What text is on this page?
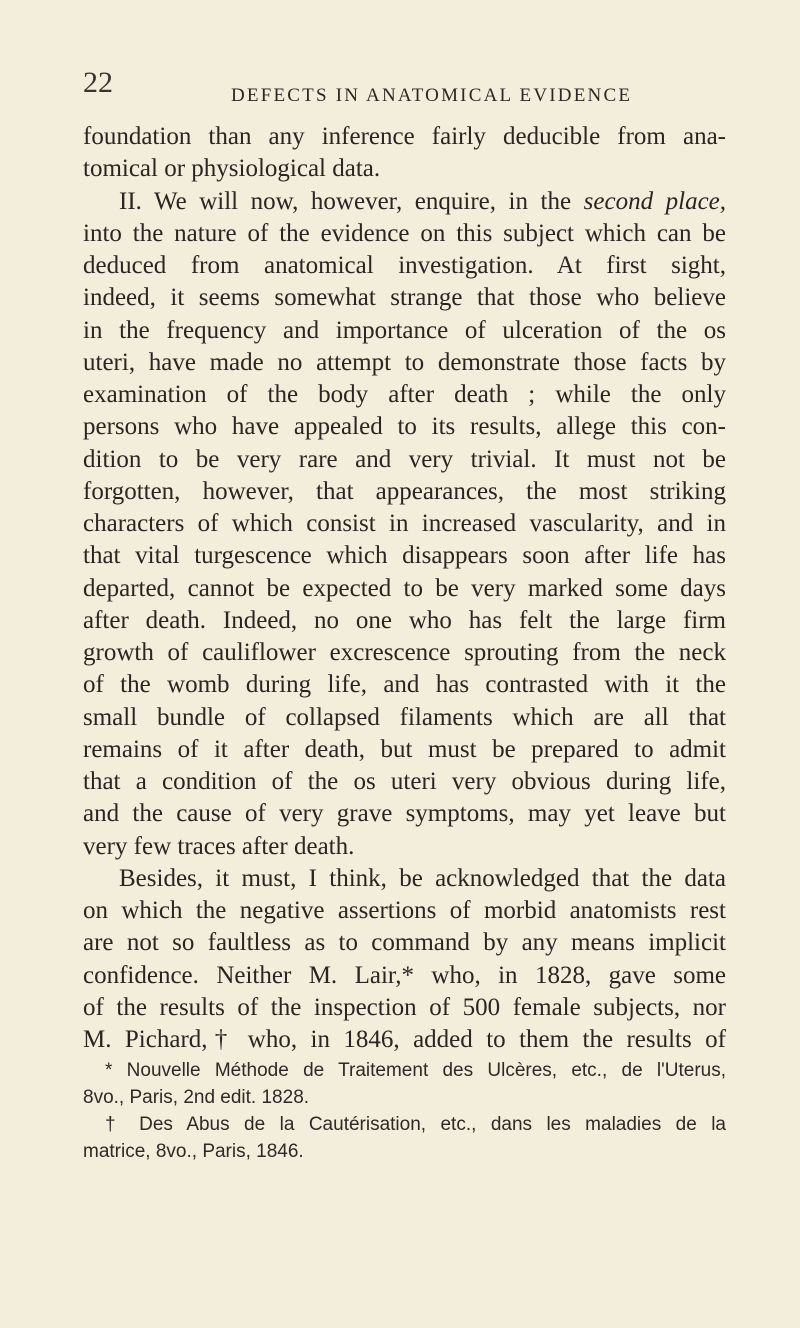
22	DEFECTS IN ANATOMICAL EVIDENCE
foundation than any inference fairly deducible from ana-
tomical or physiological data.
II. We will now, however, enquire, in the second place,
into the nature of the evidence on this subject which can be
deduced from anatomical investigation. At first sight,
indeed, it seems somewhat strange that those who believe
in the frequency and importance of ulceration of the os
uteri, have made no attempt to demonstrate those facts by
examination of the body after death ; while the only
persons who have appealed to its results, allege this con-
dition to be very rare and very trivial. It must not be
forgotten, however, that appearances, the most striking
characters of which consist in increased vascularity, and in
that vital turgescence which disappears soon after life has
departed, cannot be expected to be very marked some days
after death. Indeed, no one who has felt the large firm
growth of cauliflower excrescence sprouting from the neck
of the womb during life, and has contrasted with it the
small bundle of collapsed filaments which are all that
remains of it after death, but must be prepared to admit
that a condition of the os uteri very obvious during life,
and the cause of very grave symptoms, may yet leave but
very few traces after death.
Besides, it must, I think, be acknowledged that the data
on which the negative assertions of morbid anatomists rest
are not so faultless as to command by any means implicit
confidence. Neither M. Lair,* who, in 1828, gave some
of the results of the inspection of 500 female subjects, nor
M. Pichard,† who, in 1846, added to them the results of
* Nouvelle Méthode de Traitement des Ulcères, etc., de l'Uterus,
8vo., Paris, 2nd edit. 1828.
† Des Abus de la Cautérisation, etc., dans les maladies de la
matrice, 8vo., Paris, 1846.
